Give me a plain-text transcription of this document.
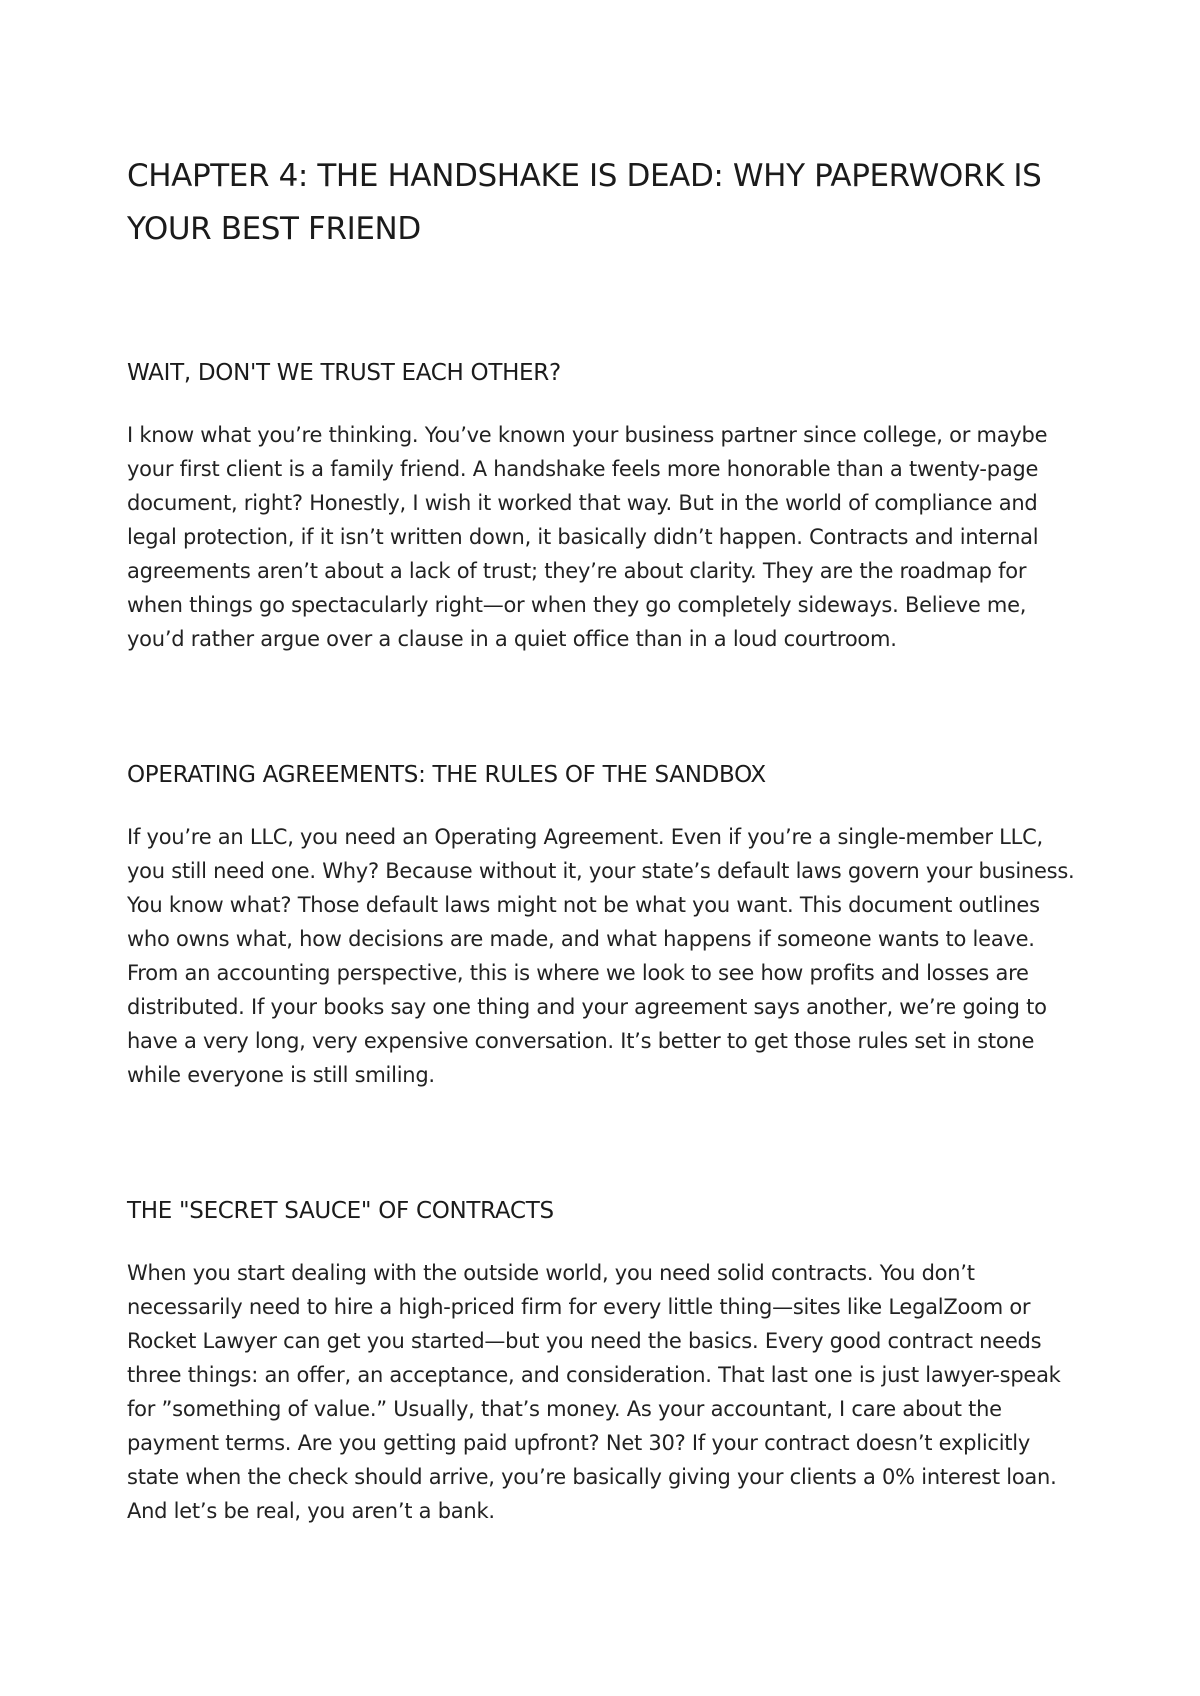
CHAPTER 4: THE HANDSHAKE IS DEAD: WHY PAPERWORK IS YOUR BEST FRIEND
WAIT, DON'T WE TRUST EACH OTHER?

I know what you’re thinking. You’ve known your business partner since college, or maybe your first client is a family friend. A handshake feels more honorable than a twenty-page document, right? Honestly, I wish it worked that way. But in the world of compliance and legal protection, if it isn’t written down, it basically didn’t happen. Contracts and internal agreements aren’t about a lack of trust; they’re about clarity. They are the roadmap for when things go spectacularly right—or when they go completely sideways. Believe me, you’d rather argue over a clause in a quiet office than in a loud courtroom.

OPERATING AGREEMENTS: THE RULES OF THE SANDBOX

If you’re an LLC, you need an Operating Agreement. Even if you’re a single-member LLC, you still need one. Why? Because without it, your state’s default laws govern your business. You know what? Those default laws might not be what you want. This document outlines who owns what, how decisions are made, and what happens if someone wants to leave. From an accounting perspective, this is where we look to see how profits and losses are distributed. If your books say one thing and your agreement says another, we’re going to have a very long, very expensive conversation. It’s better to get those rules set in stone while everyone is still smiling.

THE "SECRET SAUCE" OF CONTRACTS

When you start dealing with the outside world, you need solid contracts. You don’t necessarily need to hire a high-priced firm for every little thing—sites like LegalZoom or Rocket Lawyer can get you started—but you need the basics. Every good contract needs three things: an offer, an acceptance, and consideration. That last one is just lawyer-speak for ”something of value.” Usually, that’s money. As your accountant, I care about the payment terms. Are you getting paid upfront? Net 30? If your contract doesn’t explicitly state when the check should arrive, you’re basically giving your clients a 0% interest loan. And let’s be real, you aren’t a bank.
